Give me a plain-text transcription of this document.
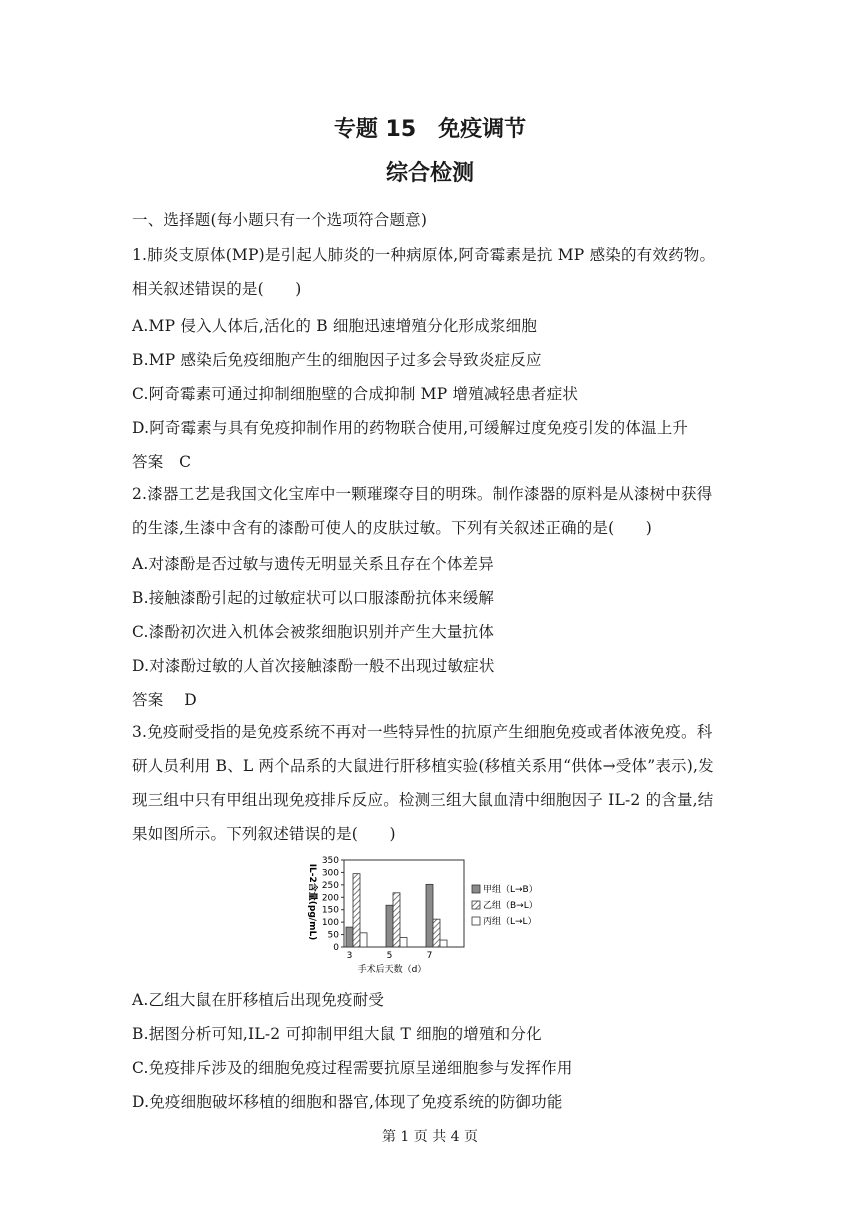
专题 15　免疫调节
综合检测
一、选择题(每小题只有一个选项符合题意)
1.肺炎支原体(MP)是引起人肺炎的一种病原体,阿奇霉素是抗 MP 感染的有效药物。相关叙述错误的是(　　)
A.MP 侵入人体后,活化的 B 细胞迅速增殖分化形成浆细胞
B.MP 感染后免疫细胞产生的细胞因子过多会导致炎症反应
C.阿奇霉素可通过抑制细胞壁的合成抑制 MP 增殖减轻患者症状
D.阿奇霉素与具有免疫抑制作用的药物联合使用,可缓解过度免疫引发的体温上升
答案　C
2.漆器工艺是我国文化宝库中一颗璀璨夺目的明珠。制作漆器的原料是从漆树中获得的生漆,生漆中含有的漆酚可使人的皮肤过敏。下列有关叙述正确的是(　　)
A.对漆酚是否过敏与遗传无明显关系且存在个体差异
B.接触漆酚引起的过敏症状可以口服漆酚抗体来缓解
C.漆酚初次进入机体会被浆细胞识别并产生大量抗体
D.对漆酚过敏的人首次接触漆酚一般不出现过敏症状
答案　 D
3.免疫耐受指的是免疫系统不再对一些特异性的抗原产生细胞免疫或者体液免疫。科研人员利用 B、L 两个品系的大鼠进行肝移植实验(移植关系用“供体→受体”表示),发现三组中只有甲组出现免疫排斥反应。检测三组大鼠血清中细胞因子 IL-2 的含量,结果如图所示。下列叙述错误的是(　　)
0
50
100
150
200
250
300
350
3	5	7
甲组（L→B）
乙组（B→L）
丙组（L→L）
IL-2含量(pg/mL)
手术后天数（d）
A.乙组大鼠在肝移植后出现免疫耐受
B.据图分析可知,IL-2 可抑制甲组大鼠 T 细胞的增殖和分化
C.免疫排斥涉及的细胞免疫过程需要抗原呈递细胞参与发挥作用
D.免疫细胞破坏移植的细胞和器官,体现了免疫系统的防御功能
第 1 页 共 4 页
